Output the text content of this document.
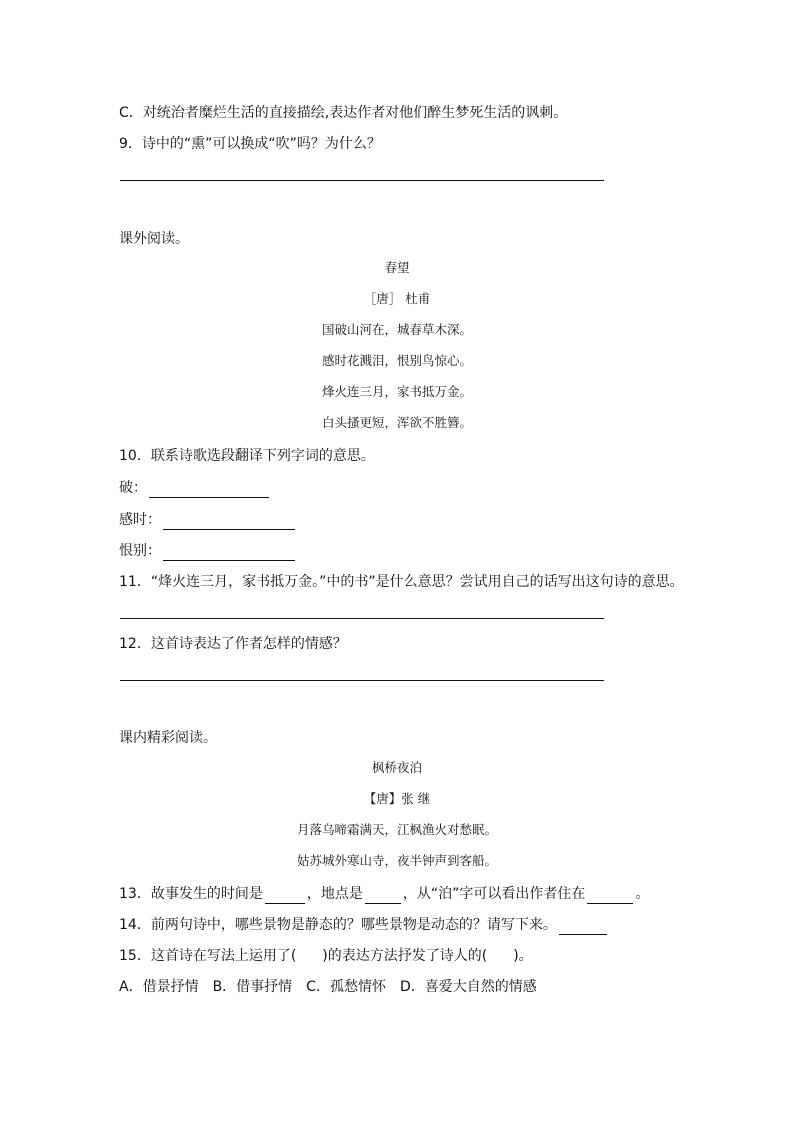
C．对统治者糜烂生活的直接描绘,表达作者对他们醉生梦死生活的讽刺。
9．诗中的“熏”可以换成“吹”吗？为什么？
课外阅读。
春望
［唐］ 杜甫
国破山河在，城春草木深。
感时花溅泪，恨别鸟惊心。
烽火连三月，家书抵万金。
白头搔更短，浑欲不胜簪。
10．联系诗歌选段翻译下列字词的意思。
破：
感时：
恨别：
11．“烽火连三月，家书抵万金。”中的书”是什么意思？尝试用自己的话写出这句诗的意思。
12．这首诗表达了作者怎样的情感？
课内精彩阅读。
枫桥夜泊
【唐】张 继
月落乌啼霜满天，江枫渔火对愁眠。
姑苏城外寒山寺，夜半钟声到客船。
13．故事发生的时间是	，地点是	，从“泊”字可以看出作者住在	。
14．前两句诗中，哪些景物是静态的？哪些景物是动态的？请写下来。
15．这首诗在写法上运用了( )的表达方法抒发了诗人的( )。
A．借景抒情　B．借事抒情　C．孤愁情怀　D．喜爱大自然的情感
